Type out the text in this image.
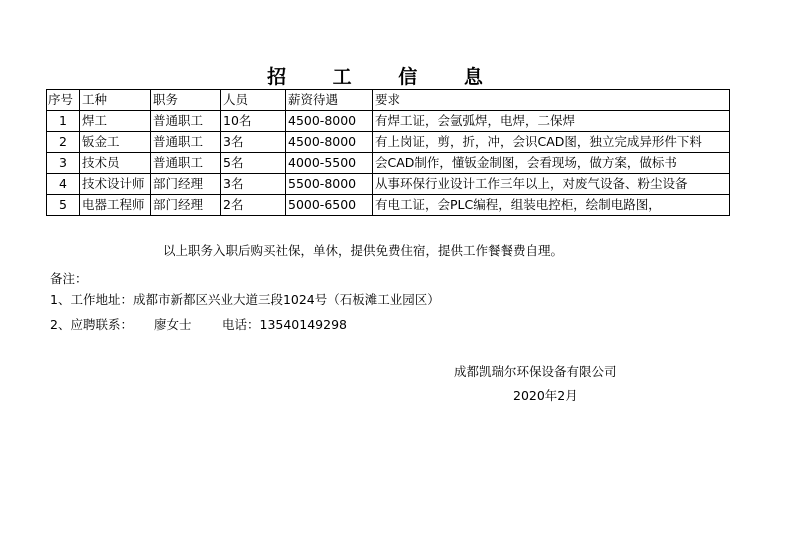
招 工 信 息
序号	工种	职务	人员	薪资待遇	要求
1	焊工	普通职工	10名	4500-8000	有焊工证，会氩弧焊，电焊，二保焊
2	钣金工	普通职工	3名	4500-8000	有上岗证，剪，折，冲，会识CAD图，独立完成异形件下料
3	技术员	普通职工	5名	4000-5500	会CAD制作，懂钣金制图，会看现场，做方案，做标书
4	技术设计师	部门经理	3名	5500-8000	从事环保行业设计工作三年以上，对废气设备、粉尘设备
5	电器工程师	部门经理	2名	5000-6500	有电工证，会PLC编程，组装电控柜，绘制电路图，
以上职务入职后购买社保，单休，提供免费住宿，提供工作餐餐费自理。
备注：
1、工作地址：成都市新都区兴业大道三段1024号（石板滩工业园区）
2、应聘联系： 廖女士 电话：13540149298
成都凯瑞尔环保设备有限公司
2020年2月
